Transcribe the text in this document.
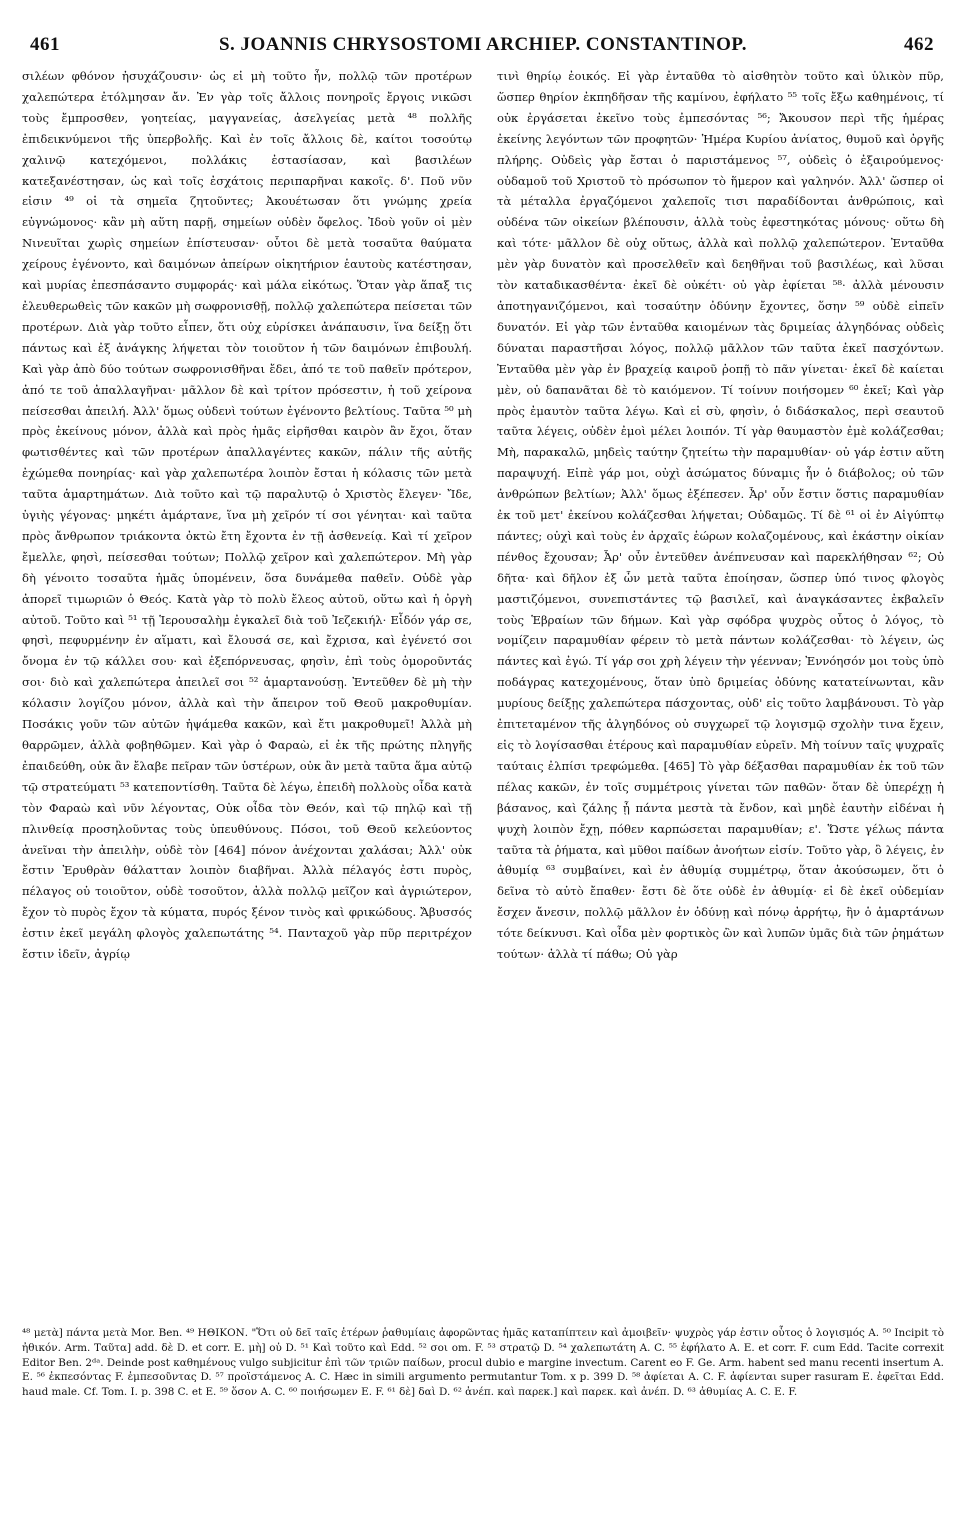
461	S. JOANNIS CHRYSOSTOMI ARCHIEP. CONSTANTINOP.	462

σιλέων φθόνον ἡσυχάζουσιν· ὡς εἰ μὴ τοῦτο ἦν, πολλῷ τῶν προτέρων χαλεπώτερα ἐτόλμησαν ἄν. Ἐν γὰρ τοῖς ἄλλοις πονηροῖς ἔργοις νικῶσι τοὺς ἔμπροσθεν, γοητείας, μαγγανείας, ἀσελγείας μετὰ ⁴⁸ πολλῆς ἐπιδεικνύμενοι τῆς ὑπερβολῆς. Καὶ ἐν τοῖς ἄλλοις δὲ, καίτοι τοσούτῳ χαλινῷ κατεχόμενοι, πολλάκις ἐστασίασαν, καὶ βασιλέων κατεξανέστησαν, ὡς καὶ τοῖς ἐσχάτοις περιπαρῆναι κακοῖς. δ'. Ποῦ νῦν εἰσιν ⁴⁹ οἱ τὰ σημεῖα ζητοῦντες; Ἀκουέτωσαν ὅτι γνώμης χρεία εὐγνώμονος· κἂν μὴ αὕτη παρῇ, σημείων οὐδὲν ὄφελος. Ἰδοὺ γοῦν οἱ μὲν Νινευῖται χωρὶς σημείων ἐπίστευσαν· οὗτοι δὲ μετὰ τοσαῦτα θαύματα χείρους ἐγένοντο, καὶ δαιμόνων ἀπείρων οἰκητήριον ἑαυτοὺς κατέστησαν, καὶ μυρίας ἐπεσπάσαντο συμφοράς· καὶ μάλα εἰκότως. Ὅταν γὰρ ἅπαξ τις ἐλευθερωθεὶς τῶν κακῶν μὴ σωφρονισθῇ, πολλῷ χαλεπώτερα πείσεται τῶν προτέρων. Διὰ γὰρ τοῦτο εἶπεν, ὅτι οὐχ εὑρίσκει ἀνάπαυσιν, ἵνα δείξῃ ὅτι πάντως καὶ ἐξ ἀνάγκης λήψεται τὸν τοιοῦτον ἡ τῶν δαιμόνων ἐπιβουλή. Καὶ γὰρ ἀπὸ δύο τούτων σωφρονισθῆναι ἔδει, ἀπό τε τοῦ παθεῖν πρότερον, ἀπό τε τοῦ ἀπαλλαγῆναι· μᾶλλον δὲ καὶ τρίτον πρόσεστιν, ἡ τοῦ χείρονα πείσεσθαι ἀπειλή. Ἀλλ' ὅμως οὐδενὶ τούτων ἐγένοντο βελτίους. Ταῦτα ⁵⁰ μὴ πρὸς ἐκείνους μόνον, ἀλλὰ καὶ πρὸς ἡμᾶς εἰρῆσθαι καιρὸν ἂν ἔχοι, ὅταν φωτισθέντες καὶ τῶν προτέρων ἀπαλλαγέντες κακῶν, πάλιν τῆς αὐτῆς ἐχώμεθα πονηρίας· καὶ γὰρ χαλεπωτέρα λοιπὸν ἔσται ἡ κόλασις τῶν μετὰ ταῦτα ἁμαρτημάτων. Διὰ τοῦτο καὶ τῷ παραλυτῷ ὁ Χριστὸς ἔλεγεν· Ἴδε, ὑγιὴς γέγονας· μηκέτι ἁμάρτανε, ἵνα μὴ χεῖρόν τί σοι γένηται· καὶ ταῦτα πρὸς ἄνθρωπον τριάκοντα ὀκτὼ ἔτη ἔχοντα ἐν τῇ ἀσθενείᾳ. Καὶ τί χεῖρον ἔμελλε, φησὶ, πείσεσθαι τούτων; Πολλῷ χεῖρον καὶ χαλεπώτερον. Μὴ γὰρ δὴ γένοιτο τοσαῦτα ἡμᾶς ὑπομένειν, ὅσα δυνάμεθα παθεῖν. Οὐδὲ γὰρ ἀπορεῖ τιμωριῶν ὁ Θεός. Κατὰ γὰρ τὸ πολὺ ἔλεος αὐτοῦ, οὕτω καὶ ἡ ὀργὴ αὐτοῦ. Τοῦτο καὶ ⁵¹ τῇ Ἱερουσαλὴμ ἐγκαλεῖ διὰ τοῦ Ἰεζεκιήλ· Εἶδόν γάρ σε, φησὶ, πεφυρμένην ἐν αἵματι, καὶ ἔλουσά σε, καὶ ἔχρισα, καὶ ἐγένετό σοι ὄνομα ἐν τῷ κάλλει σου· καὶ ἐξεπόρνευσας, φησὶν, ἐπὶ τοὺς ὁμοροῦντάς σοι· διὸ καὶ χαλεπώτερα ἀπειλεῖ σοι ⁵² ἁμαρτανούσῃ. Ἐντεῦθεν δὲ μὴ τὴν κόλασιν λογίζου μόνον, ἀλλὰ καὶ τὴν ἄπειρον τοῦ Θεοῦ μακροθυμίαν. Ποσάκις γοῦν τῶν αὐτῶν ἡψάμεθα κακῶν, καὶ ἔτι μακροθυμεῖ! Ἀλλὰ μὴ θαρρῶμεν, ἀλλὰ φοβηθῶμεν. Καὶ γὰρ ὁ Φαραὼ, εἰ ἐκ τῆς πρώτης πληγῆς ἐπαιδεύθη, οὐκ ἂν ἔλαβε πεῖραν τῶν ὑστέρων, οὐκ ἂν μετὰ ταῦτα ἅμα αὐτῷ τῷ στρατεύματι ⁵³ κατεποντίσθη. Ταῦτα δὲ λέγω, ἐπειδὴ πολλοὺς οἶδα κατὰ τὸν Φαραὼ καὶ νῦν λέγοντας, Οὐκ οἶδα τὸν Θεόν, καὶ τῷ πηλῷ καὶ τῇ πλινθείᾳ προσηλοῦντας τοὺς ὑπευθύνους. Πόσοι, τοῦ Θεοῦ κελεύοντος ἀνεῖναι τὴν ἀπειλὴν, οὐδὲ τὸν [464] πόνον ἀνέχονται χαλάσαι; Ἀλλ' οὐκ ἔστιν Ἐρυθρὰν θάλατταν λοιπὸν διαβῆναι. Ἀλλὰ πέλαγός ἐστι πυρὸς, πέλαγος οὐ τοιοῦτον, οὐδὲ τοσοῦτον, ἀλλὰ πολλῷ μεῖζον καὶ ἀγριώτερον, ἔχον τὸ πυρὸς ἔχον τὰ κύματα, πυρός ξένον τινὸς καὶ φρικώδους. Ἄβυσσός ἐστιν ἐκεῖ μεγάλη φλογὸς χαλεπωτάτης ⁵⁴. Πανταχοῦ γὰρ πῦρ περιτρέχον ἔστιν ἰδεῖν, ἀγρίῳ

τινὶ θηρίῳ ἐοικός. Εἰ γὰρ ἐνταῦθα τὸ αἰσθητὸν τοῦτο καὶ ὑλικὸν πῦρ, ὥσπερ θηρίον ἐκπηδῆσαν τῆς καμίνου, ἐφήλατο ⁵⁵ τοῖς ἔξω καθημένοις, τί οὐκ ἐργάσεται ἐκεῖνο τοὺς ἐμπεσόντας ⁵⁶; Ἄκουσον περὶ τῆς ἡμέρας ἐκείνης λεγόντων τῶν προφητῶν· Ἡμέρα Κυρίου ἀνίατος, θυμοῦ καὶ ὀργῆς πλήρης. Οὐδεὶς γὰρ ἔσται ὁ παριστάμενος ⁵⁷, οὐδεὶς ὁ ἐξαιρούμενος· οὐδαμοῦ τοῦ Χριστοῦ τὸ πρόσωπον τὸ ἥμερον καὶ γαληνόν. Ἀλλ' ὥσπερ οἱ τὰ μέταλλα ἐργαζόμενοι χαλεποῖς τισι παραδίδονται ἀνθρώποις, καὶ οὐδένα τῶν οἰκείων βλέπουσιν, ἀλλὰ τοὺς ἐφεστηκότας μόνους· οὕτω δὴ καὶ τότε· μᾶλλον δὲ οὐχ οὕτως, ἀλλὰ καὶ πολλῷ χαλεπώτερον. Ἐνταῦθα μὲν γὰρ δυνατὸν καὶ προσελθεῖν καὶ δεηθῆναι τοῦ βασιλέως, καὶ λῦσαι τὸν καταδικασθέντα· ἐκεῖ δὲ οὐκέτι· οὐ γὰρ ἐφίεται ⁵⁸· ἀλλὰ μένουσιν ἀποτηγανιζόμενοι, καὶ τοσαύτην ὀδύνην ἔχοντες, ὅσην ⁵⁹ οὐδὲ εἰπεῖν δυνατόν. Εἰ γὰρ τῶν ἐνταῦθα καιομένων τὰς δριμείας ἀλγηδόνας οὐδεὶς δύναται παραστῆσαι λόγος, πολλῷ μᾶλλον τῶν ταῦτα ἐκεῖ πασχόντων. Ἐνταῦθα μὲν γὰρ ἐν βραχείᾳ καιροῦ ῥοπῇ τὸ πᾶν γίνεται· ἐκεῖ δὲ καίεται μὲν, οὐ δαπανᾶται δὲ τὸ καιόμενον. Τί τοίνυν ποιήσομεν ⁶⁰ ἐκεῖ; Καὶ γὰρ πρὸς ἐμαυτὸν ταῦτα λέγω. Καὶ εἰ σὺ, φησὶν, ὁ διδάσκαλος, περὶ σεαυτοῦ ταῦτα λέγεις, οὐδὲν ἐμοὶ μέλει λοιπόν. Τί γὰρ θαυμαστὸν ἐμὲ κολάζεσθαι; Μὴ, παρακαλῶ, μηδεὶς ταύτην ζητείτω τὴν παραμυθίαν· οὐ γάρ ἐστιν αὕτη παραψυχή. Εἰπὲ γάρ μοι, οὐχὶ ἀσώματος δύναμις ἦν ὁ διάβολος; οὐ τῶν ἀνθρώπων βελτίων; Ἀλλ' ὅμως ἐξέπεσεν. Ἆρ' οὖν ἔστιν ὅστις παραμυθίαν ἐκ τοῦ μετ' ἐκείνου κολάζεσθαι λήψεται; Οὐδαμῶς. Τί δὲ ⁶¹ οἱ ἐν Αἰγύπτῳ πάντες; οὐχὶ καὶ τοὺς ἐν ἀρχαῖς ἑώρων κολαζομένους, καὶ ἑκάστην οἰκίαν πένθος ἔχουσαν; Ἆρ' οὖν ἐντεῦθεν ἀνέπνευσαν καὶ παρεκλήθησαν ⁶²; Οὐ δῆτα· καὶ δῆλον ἐξ ὧν μετὰ ταῦτα ἐποίησαν, ὥσπερ ὑπό τινος φλογὸς μαστιζόμενοι, συνεπιστάντες τῷ βασιλεῖ, καὶ ἀναγκάσαντες ἐκβαλεῖν τοὺς Ἑβραίων τῶν δήμων. Καὶ γὰρ σφόδρα ψυχρὸς οὗτος ὁ λόγος, τὸ νομίζειν παραμυθίαν φέρειν τὸ μετὰ πάντων κολάζεσθαι· τὸ λέγειν, ὡς πάντες καὶ ἐγώ. Τί γάρ σοι χρὴ λέγειν τὴν γέενναν; Ἐννόησόν μοι τοὺς ὑπὸ ποδάγρας κατεχομένους, ὅταν ὑπὸ δριμείας ὀδύνης κατατείνωνται, κἂν μυρίους δείξῃς χαλεπώτερα πάσχοντας, οὐδ' εἰς τοῦτο λαμβάνουσι. Τὸ γὰρ ἐπιτεταμένον τῆς ἀλγηδόνος οὐ συγχωρεῖ τῷ λογισμῷ σχολὴν τινα ἔχειν, εἰς τὸ λογίσασθαι ἑτέρους καὶ παραμυθίαν εὑρεῖν. Μὴ τοίνυν ταῖς ψυχραῖς ταύταις ἐλπίσι τρεφώμεθα. [465] Τὸ γὰρ δέξασθαι παραμυθίαν ἐκ τοῦ τῶν πέλας κακῶν, ἐν τοῖς συμμέτροις γίνεται τῶν παθῶν· ὅταν δὲ ὑπερέχῃ ἡ βάσανος, καὶ ζάλης ᾖ πάντα μεστὰ τὰ ἔνδον, καὶ μηδὲ ἑαυτὴν εἰδέναι ἡ ψυχὴ λοιπὸν ἔχῃ, πόθεν καρπώσεται παραμυθίαν; ε'. Ὥστε γέλως πάντα ταῦτα τὰ ῥήματα, καὶ μῦθοι παίδων ἀνοήτων εἰσίν. Τοῦτο γὰρ, ὃ λέγεις, ἐν ἀθυμίᾳ ⁶³ συμβαίνει, καὶ ἐν ἀθυμίᾳ συμμέτρῳ, ὅταν ἀκούσωμεν, ὅτι ὁ δεῖνα τὸ αὐτὸ ἔπαθεν· ἔστι δὲ ὅτε οὐδὲ ἐν ἀθυμίᾳ· εἰ δὲ ἐκεῖ οὐδεμίαν ἔσχεν ἄνεσιν, πολλῷ μᾶλλον ἐν ὀδύνῃ καὶ πόνῳ ἀρρήτῳ, ἣν ὁ ἀμαρτάνων τότε δείκνυσι. Καὶ οἶδα μὲν φορτικὸς ὢν καὶ λυπῶν ὑμᾶς διὰ τῶν ῥημάτων τούτων· ἀλλὰ τί πάθω; Οὐ γὰρ

⁴⁸ μετὰ] πάντα μετὰ Mor. Ben. ⁴⁹ ΗΘΙΚΟΝ. "Ὅτι οὐ δεῖ ταῖς ἑτέρων ῥαθυμίαις ἀφορῶντας ἡμᾶς καταπίπτειν καὶ ἀμοιβεῖν· ψυχρὸς γάρ ἐστιν οὗτος ὁ λογισμός A. ⁵⁰ Incipit τὸ ἠθικόν. Arm. Ταῦτα] add. δὲ D. et corr. E. μὴ] οὐ D. ⁵¹ Καὶ τοῦτο καὶ Edd. ⁵² σοι om. F. ⁵³ στρατῷ D. ⁵⁴ χαλεπωτάτη A. C. ⁵⁵ ἐφήλατο A. E. et corr. F. cum Edd. Tacite correxit Editor Ben. 2ᵈᵃ. Deinde post καθημένους vulgo subjicitur ἐπὶ τῶν τριῶν παίδων, procul dubio e margine invectum. Carent eo F. Ge. Arm. habent sed manu recenti insertum A. E. ⁵⁶ ἐκπεσόντας F. ἐμπεσοῦντας D. ⁵⁷ προϊστάμενος A. C. Hæc in simili argumento permutantur Tom. x p. 399 D. ⁵⁸ ἀφίεται A. C. F. ἀφίενται super rasuram E. ἐφεῖται Edd. haud male. Cf. Tom. I. p. 398 C. et E. ⁵⁹ ὅσον A. C. ⁶⁰ ποιήσωμεν E. F. ⁶¹ δὲ] δαὶ D. ⁶² ἀνέπ. καὶ παρεκ.] καὶ παρεκ. καὶ ἀνέπ. D. ⁶³ ἀθυμίας A. C. E. F.
